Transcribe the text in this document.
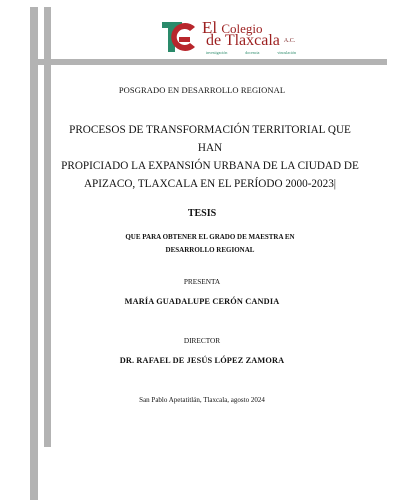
El Colegio
de Tlaxcala $^{A.C.}$
investigación	docencia	vinculación

POSGRADO EN DESARROLLO REGIONAL

PROCESOS DE TRANSFORMACIÓN TERRITORIAL QUE HAN
PROPICIADO LA EXPANSIÓN URBANA DE LA CIUDAD DE
APIZACO, TLAXCALA EN EL PERÍODO 2000-2023|

TESIS

QUE PARA OBTENER EL GRADO DE MAESTRA EN
DESARROLLO REGIONAL

PRESENTA

MARÍA GUADALUPE CERÓN CANDIA

DIRECTOR

DR. RAFAEL DE JESÚS LÓPEZ ZAMORA

San Pablo Apetatitlán, Tlaxcala, agosto 2024
